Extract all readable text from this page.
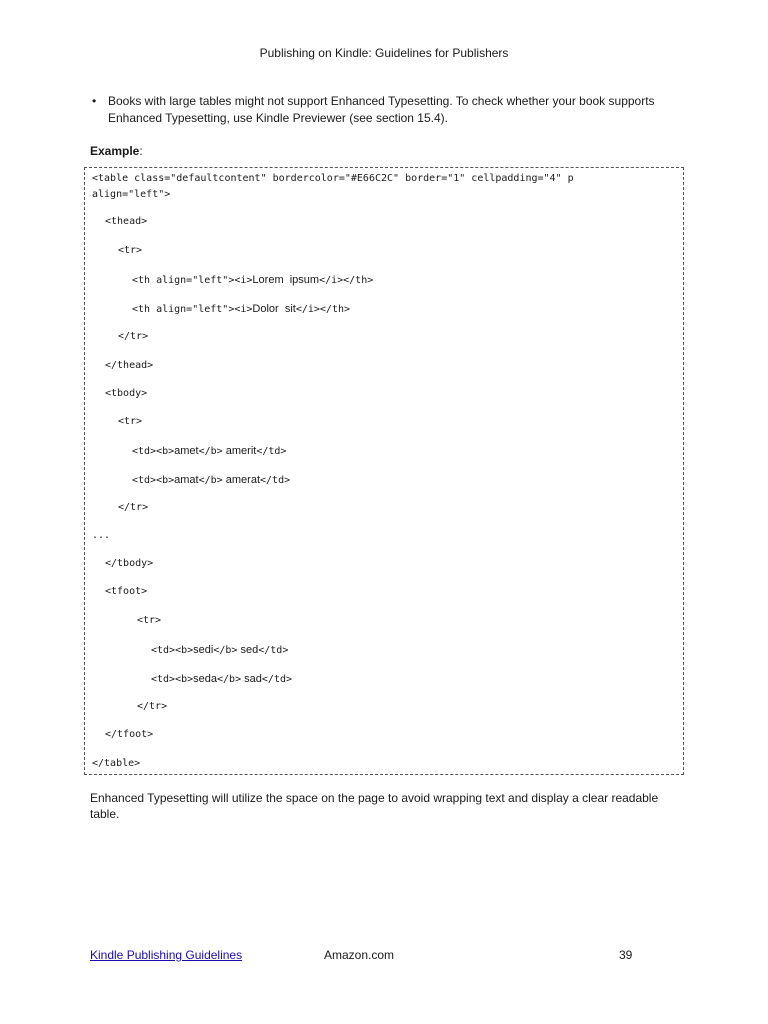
Publishing on Kindle: Guidelines for Publishers
• Books with large tables might not support Enhanced Typesetting. To check whether your book supports Enhanced Typesetting, use Kindle Previewer (see section 15.4).
Example:
<table class="defaultcontent" bordercolor="#E66C2C" border="1" cellpadding="4" p
align="left">
<thead>
<tr>
<th align="left"><i>Lorem  ipsum</i></th>
<th align="left"><i>Dolor  sit</i></th>
</tr>
</thead>
<tbody>
<tr>
<td><b>amet</b> amerit</td>
<td><b>amat</b> amerat</td>
</tr>
...
</tbody>
<tfoot>
<tr>
<td><b>sedi</b> sed</td>
<td><b>seda</b> sad</td>
</tr>
</tfoot>
</table>
Enhanced Typesetting will utilize the space on the page to avoid wrapping text and display a clear readable table.
Kindle Publishing Guidelines	Amazon.com	39
